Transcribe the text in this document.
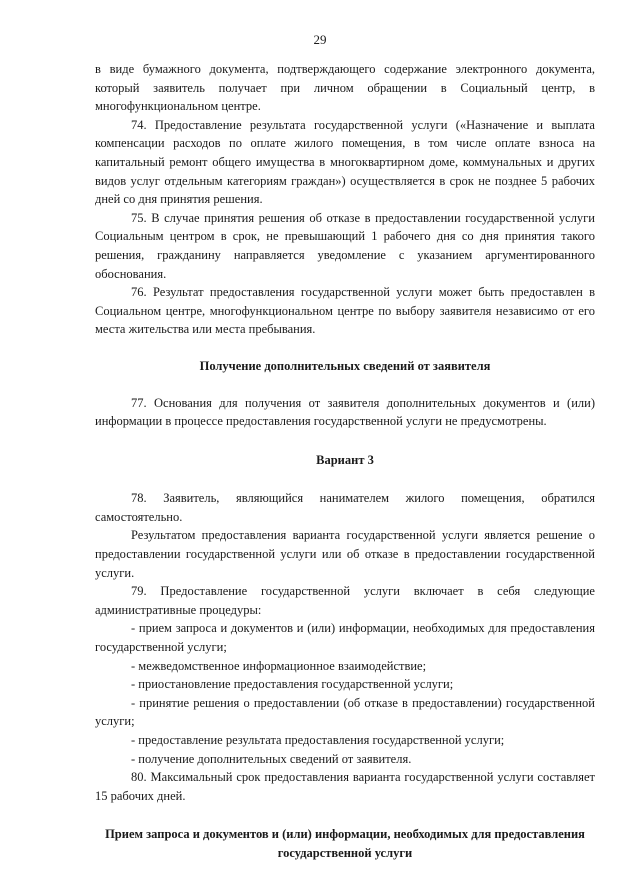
29

в виде бумажного документа, подтверждающего содержание электронного документа, который заявитель получает при личном обращении в Социальный центр, в многофункциональном центре.

74. Предоставление результата государственной услуги («Назначение и выплата компенсации расходов по оплате жилого помещения, в том числе оплате взноса на капитальный ремонт общего имущества в многоквартирном доме, коммунальных и других видов услуг отдельным категориям граждан») осуществляется в срок не позднее 5 рабочих дней со дня принятия решения.

75. В случае принятия решения об отказе в предоставлении государственной услуги Социальным центром в срок, не превышающий 1 рабочего дня со дня принятия такого решения, гражданину направляется уведомление с указанием аргументированного обоснования.

76. Результат предоставления государственной услуги может быть предоставлен в Социальном центре, многофункциональном центре по выбору заявителя независимо от его места жительства или места пребывания.

Получение дополнительных сведений от заявителя

77. Основания для получения от заявителя дополнительных документов и (или) информации в процессе предоставления государственной услуги не предусмотрены.

Вариант 3

78. Заявитель, являющийся нанимателем жилого помещения, обратился самостоятельно.

Результатом предоставления варианта государственной услуги является решение о предоставлении государственной услуги или об отказе в предоставлении государственной услуги.

79. Предоставление государственной услуги включает в себя следующие административные процедуры:

- прием запроса и документов и (или) информации, необходимых для предоставления государственной услуги;

- межведомственное информационное взаимодействие;

- приостановление предоставления государственной услуги;

- принятие решения о предоставлении (об отказе в предоставлении) государственной услуги;

- предоставление результата предоставления государственной услуги;

- получение дополнительных сведений от заявителя.

80. Максимальный срок предоставления варианта государственной услуги составляет 15 рабочих дней.

Прием запроса и документов и (или) информации, необходимых для предоставления государственной услуги
